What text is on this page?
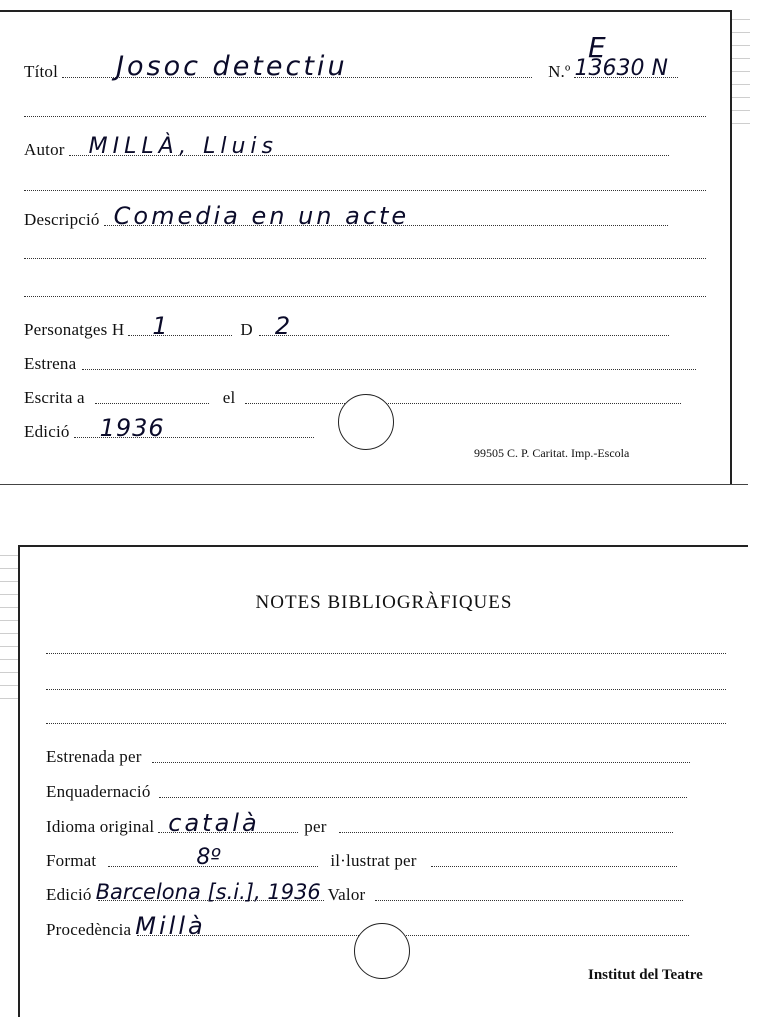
E
Títol Josoc detectiu	N.º 13630 N
Autor MILLÀ, Lluis
Descripció Comedia en un acte
Personatges H 1	D 2
Estrena
Escrita a	el
Edició 1936
99505 C. P. Caritat. Imp.-Escola
NOTES BIBLIOGRÀFIQUES
Estrenada per
Enquadernació
Idioma original català	per
Format	8º	il·lustrat per
Edició Barcelona [s.i.], 1936 Valor
Procedència Millà
Institut del Teatre
